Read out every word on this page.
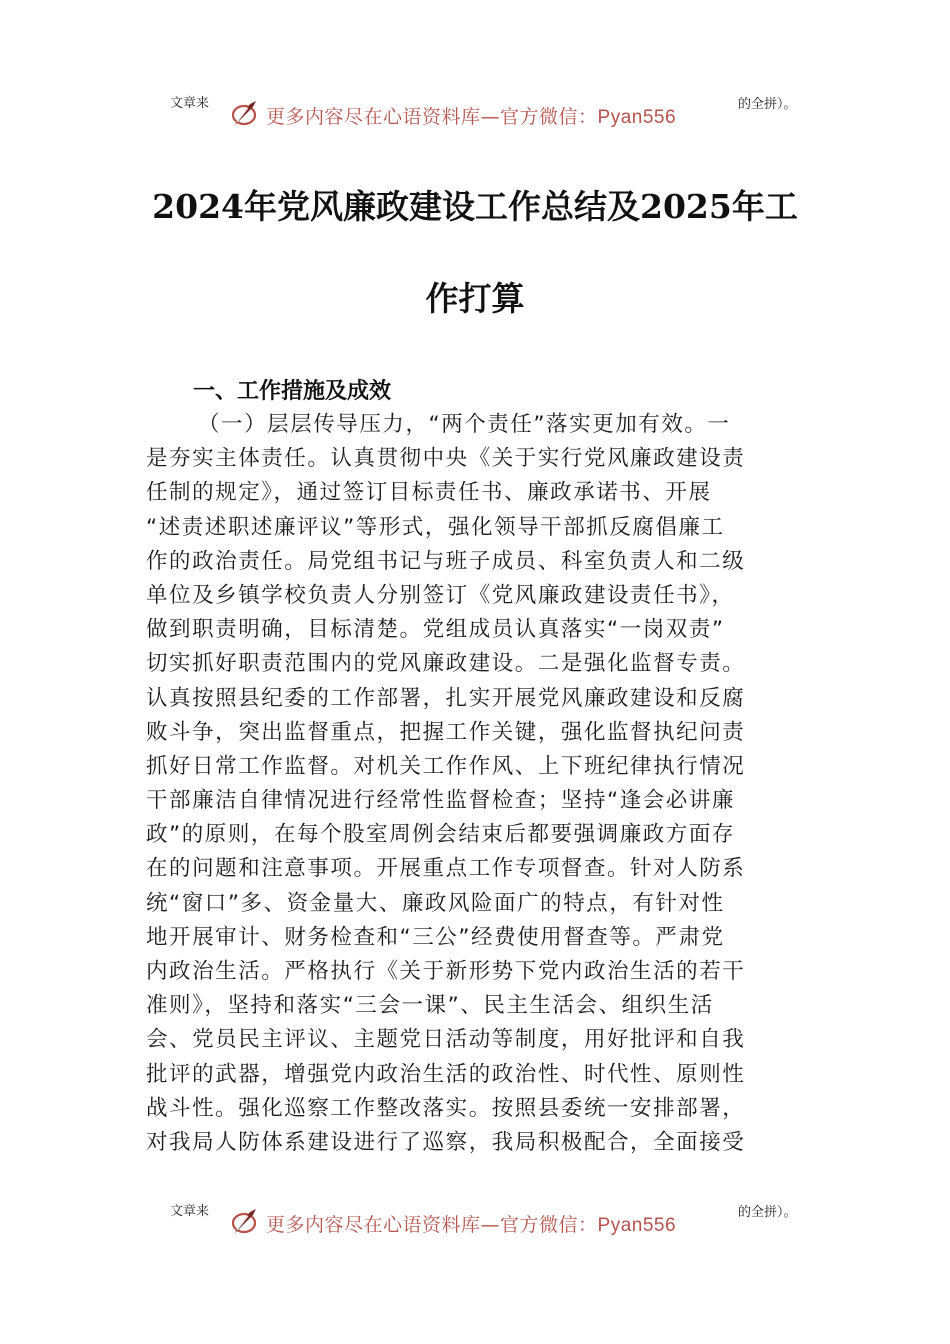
文章来
更多内容尽在心语资料库—官方微信：Pyan556
的全拼）。
2024年党风廉政建设工作总结及2025年工
作打算
一、工作措施及成效
（一）层层传导压力，“两个责任”落实更加有效。一
是夯实主体责任。认真贯彻中央《关于实行党风廉政建设责
任制的规定》，通过签订目标责任书、廉政承诺书、开展
“述责述职述廉评议”等形式，强化领导干部抓反腐倡廉工
作的政治责任。局党组书记与班子成员、科室负责人和二级
单位及乡镇学校负责人分别签订《党风廉政建设责任书》，
做到职责明确，目标清楚。党组成员认真落实“一岗双责”
切实抓好职责范围内的党风廉政建设。二是强化监督专责。
认真按照县纪委的工作部署，扎实开展党风廉政建设和反腐
败斗争，突出监督重点，把握工作关键，强化监督执纪问责
抓好日常工作监督。对机关工作作风、上下班纪律执行情况
干部廉洁自律情况进行经常性监督检查；坚持“逢会必讲廉
政”的原则，在每个股室周例会结束后都要强调廉政方面存
在的问题和注意事项。开展重点工作专项督查。针对人防系
统“窗口”多、资金量大、廉政风险面广的特点，有针对性
地开展审计、财务检查和“三公”经费使用督查等。严肃党
内政治生活。严格执行《关于新形势下党内政治生活的若干
准则》，坚持和落实“三会一课”、民主生活会、组织生活
会、党员民主评议、主题党日活动等制度，用好批评和自我
批评的武器，增强党内政治生活的政治性、时代性、原则性
战斗性。强化巡察工作整改落实。按照县委统一安排部署，
对我局人防体系建设进行了巡察，我局积极配合，全面接受
文章来
更多内容尽在心语资料库—官方微信：Pyan556
的全拼）。
